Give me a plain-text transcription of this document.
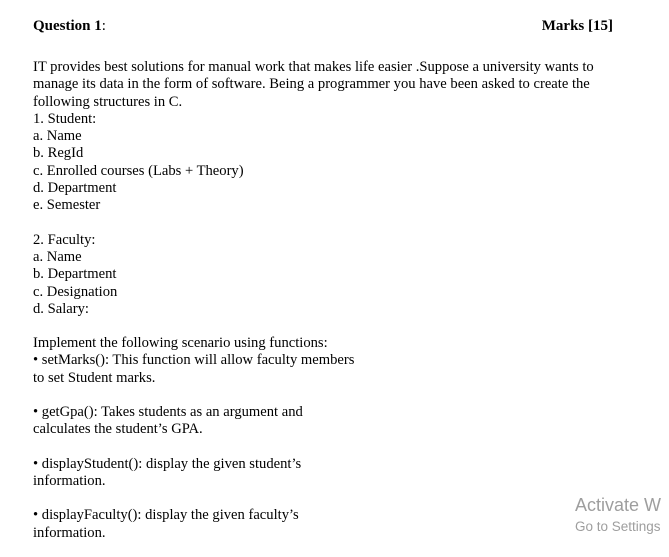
Question 1:	Marks [15]
IT provides best solutions for manual work that makes life easier .Suppose a university wants to
manage its data in the form of software. Being a programmer you have been asked to create the
following structures in C.
1. Student:
a. Name
b. RegId
c. Enrolled courses (Labs + Theory)
d. Department
e. Semester
2. Faculty:
a. Name
b. Department
c. Designation
d. Salary:
Implement the following scenario using functions:
• setMarks(): This function will allow faculty members
to set Student marks.
• getGpa(): Takes students as an argument and
calculates the student’s GPA.
• displayStudent(): display the given student’s
information.
• displayFaculty(): display the given faculty’s
information.
Activate W
Go to Settings
